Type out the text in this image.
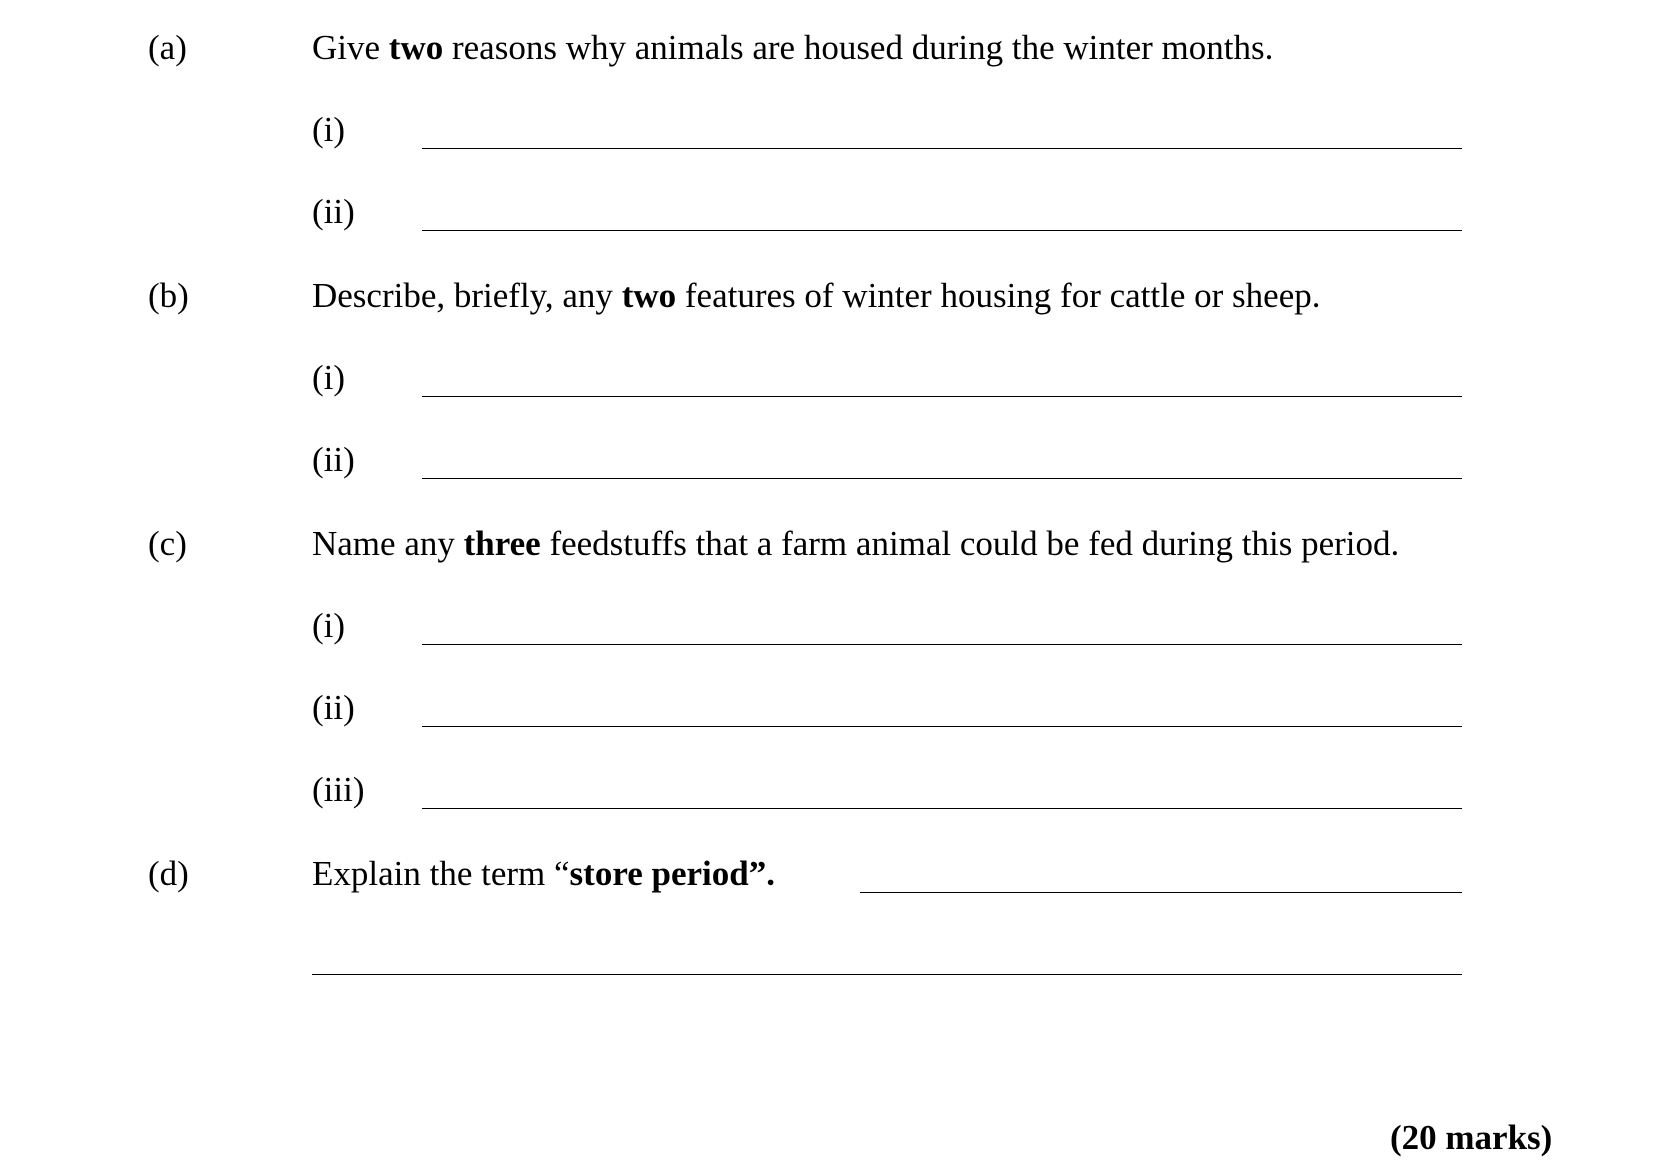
(a)	Give two reasons why animals are housed during the winter months.
(i)
(ii)
(b)	Describe, briefly, any two features of winter housing for cattle or sheep.
(i)
(ii)
(c)	Name any three feedstuffs that a farm animal could be fed during this period.
(i)
(ii)
(iii)
(d)	Explain the term “store period”.
(20 marks)
